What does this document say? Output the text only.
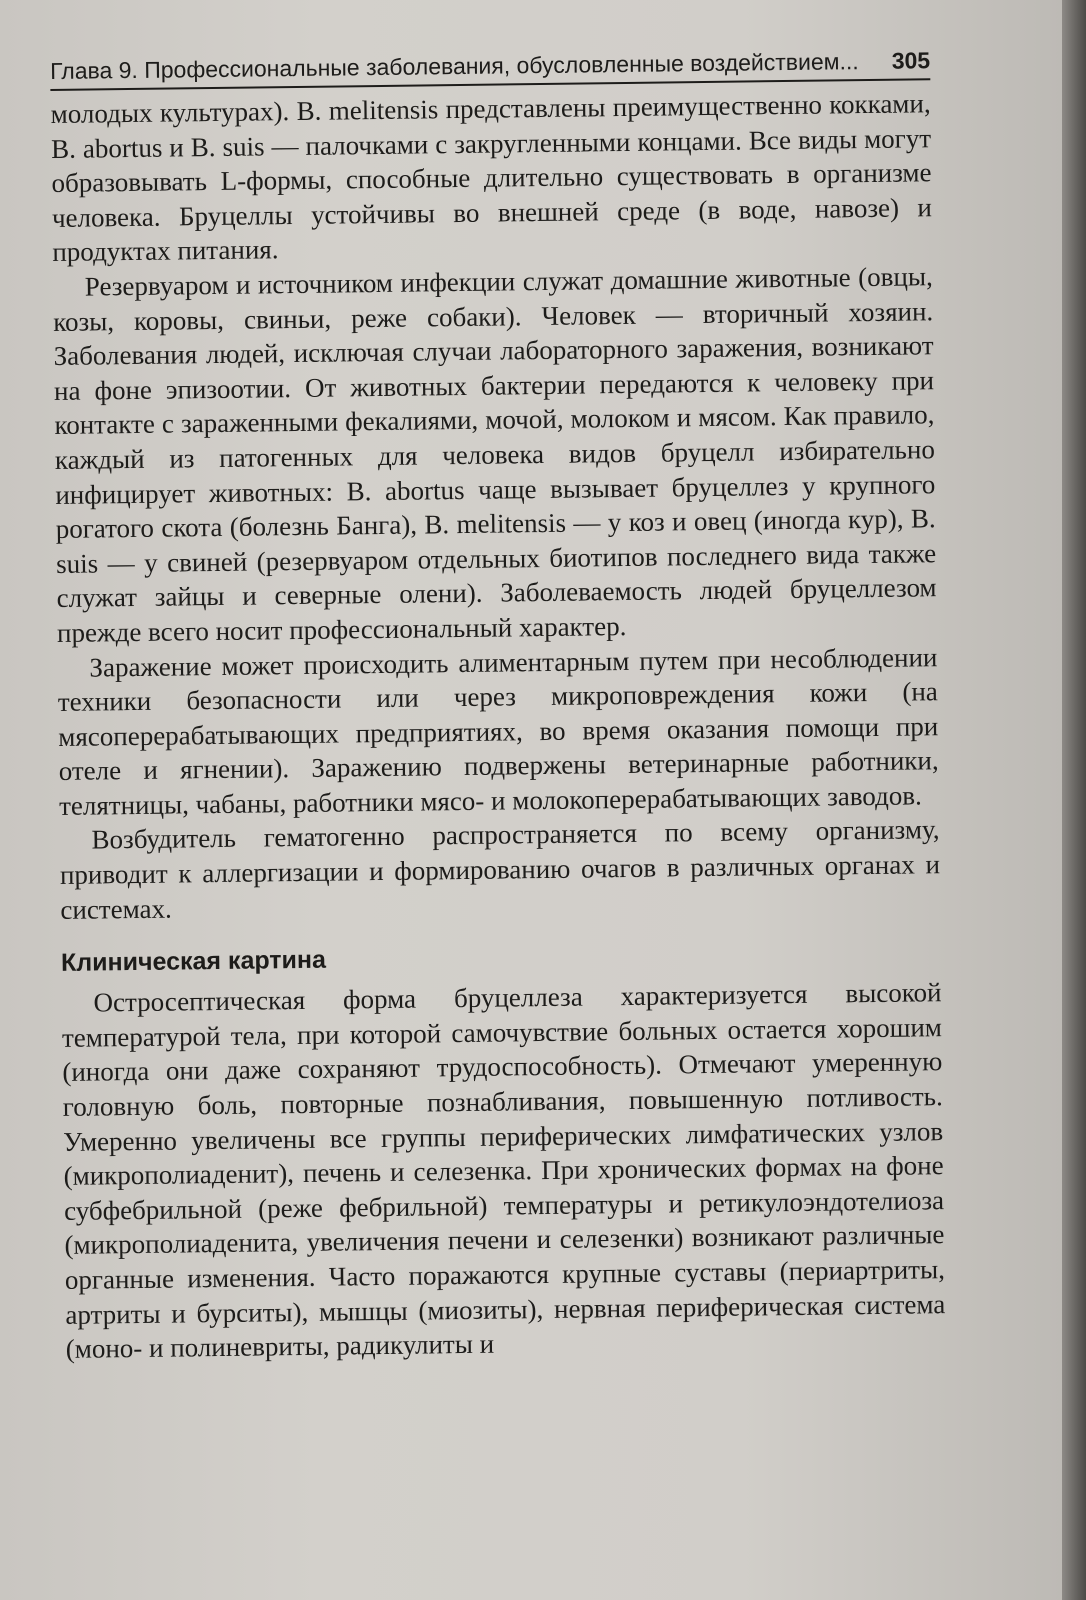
Глава 9. Профессиональные заболевания, обусловленные воздействием... 305

молодых культурах). B. melitensis представлены преимущественно кокками, B. abortus и B. suis — палочками с закругленными концами. Все виды могут образовывать L-формы, способные длительно существовать в организме человека. Бруцеллы устойчивы во внешней среде (в воде, навозе) и продуктах питания.

Резервуаром и источником инфекции служат домашние животные (овцы, козы, коровы, свиньи, реже собаки). Человек — вторичный хозяин. Заболевания людей, исключая случаи лабораторного заражения, возникают на фоне эпизоотии. От животных бактерии передаются к человеку при контакте с зараженными фекалиями, мочой, молоком и мясом. Как правило, каждый из патогенных для человека видов бруцелл избирательно инфицирует животных: B. abortus чаще вызывает бруцеллез у крупного рогатого скота (болезнь Банга), B. melitensis — у коз и овец (иногда кур), B. suis — у свиней (резервуаром отдельных биотипов последнего вида также служат зайцы и северные олени). Заболеваемость людей бруцеллезом прежде всего носит профессиональный характер.

Заражение может происходить алиментарным путем при несоблюдении техники безопасности или через микроповреждения кожи (на мясоперерабатывающих предприятиях, во время оказания помощи при отеле и ягнении). Заражению подвержены ветеринарные работники, телятницы, чабаны, работники мясо- и молокоперерабатывающих заводов.

Возбудитель гематогенно распространяется по всему организму, приводит к аллергизации и формированию очагов в различных органах и системах.

Клиническая картина

Остросептическая форма бруцеллеза характеризуется высокой температурой тела, при которой самочувствие больных остается хорошим (иногда они даже сохраняют трудоспособность). Отмечают умеренную головную боль, повторные познабливания, повышенную потливость. Умеренно увеличены все группы периферических лимфатических узлов (микрополиаденит), печень и селезенка. При хронических формах на фоне субфебрильной (реже фебрильной) температуры и ретикулоэндотелиоза (микрополиаденита, увеличения печени и селезенки) возникают различные органные изменения. Часто поражаются крупные суставы (периартриты, артриты и бурситы), мышцы (миозиты), нервная периферическая система (моно- и полиневриты, радикулиты и
